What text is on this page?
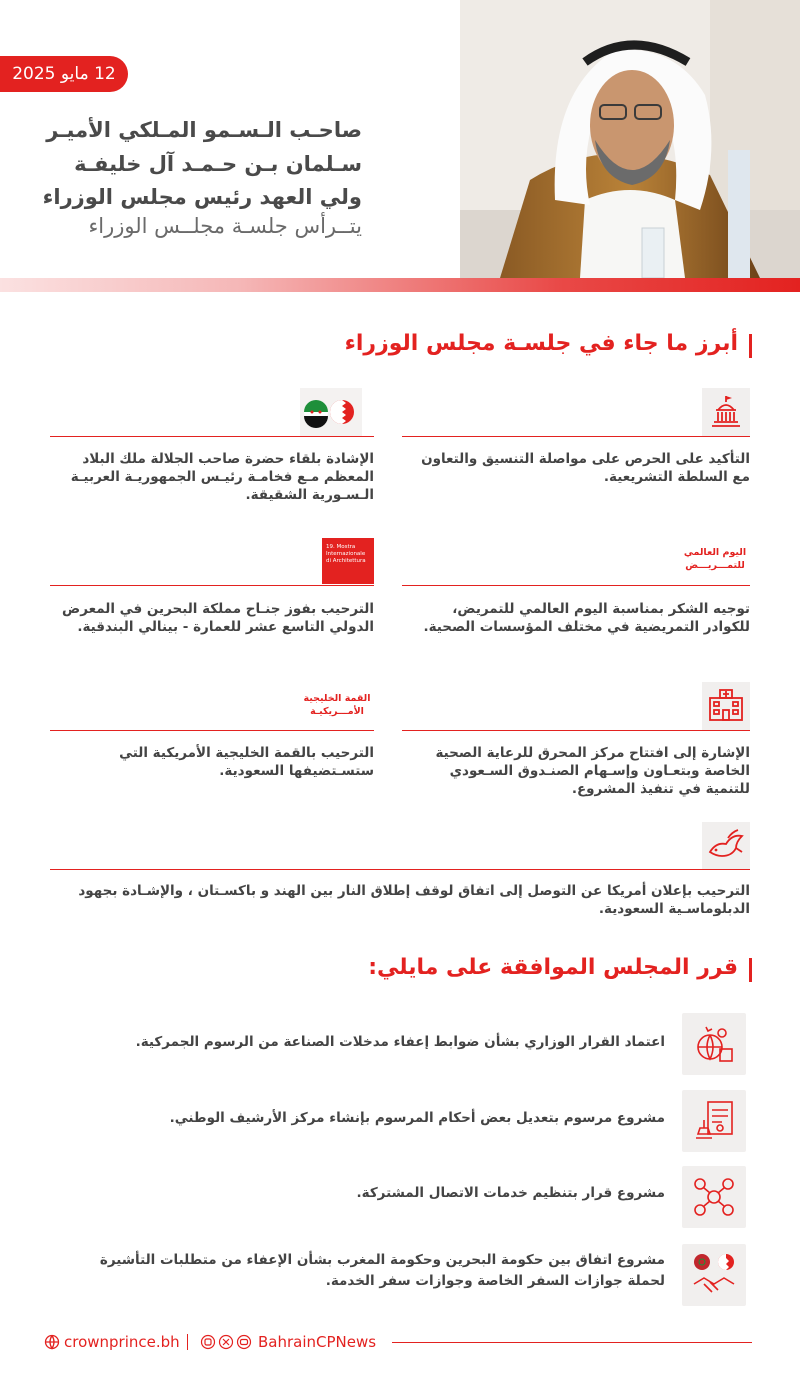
12 مايو 2025
صاحـب الـسـمو المـلكي الأميـر
سـلمان بـن حـمـد آل خليفـة
ولي العهد رئيس مجلس الوزراء
يتــرأس جلسـة مجلــس الوزراء
أبرز ما جاء في جلسـة مجلس الوزراء
التأكيد على الحرص على مواصلة التنسيق والتعاون مع السلطة التشريعية.
الإشادة بلقاء حضرة صاحب الجلالة ملك البلاد المعظم مـع فخامـة رئيـس الجمهوريـة العربيـة الـسـورية الشقيقة.
اليوم العالمي للتمـــريـــض
توجيه الشكر بمناسبة اليوم العالمي للتمريض، للكوادر التمريضية في مختلف المؤسسات الصحية.
19. Mostra Internazionale di Architettura
الترحيب بفوز جنـاح مملكة البحرين في المعرض الدولي التاسع عشر للعمارة - بينالي البندقية.
الإشارة إلى افتتاح مركز المحرق للرعاية الصحية الخاصة وبتعـاون وإسـهام الصنـدوق السـعودي للتنمية في تنفيذ المشروع.
القمة الخليجية الأمـــريكيـة
الترحيب بالقمة الخليجية الأمريكية التي ستسـتضيفها السعودية.
الترحيب بإعلان أمريكا عن التوصل إلى اتفاق لوقف إطلاق النار بين الهند و باكسـتان ، والإشـادة بجهود الدبلوماسـية السعودية.
قرر المجلس الموافقة على مايلي:
اعتماد القرار الوزاري بشأن ضوابط إعفاء مدخلات الصناعة من الرسوم الجمركية.
مشروع مرسوم بتعديل بعض أحكام المرسوم بإنشاء مركز الأرشيف الوطني.
مشروع قرار بتنظيم خدمات الاتصال المشتركة.
مشروع اتفاق بين حكومة البحرين وحكومة المغرب بشأن الإعفاء من متطلبات التأشيرة لحملة جوازات السفر الخاصة وجوازات سفر الخدمة.
crownprince.bh	BahrainCPNews
